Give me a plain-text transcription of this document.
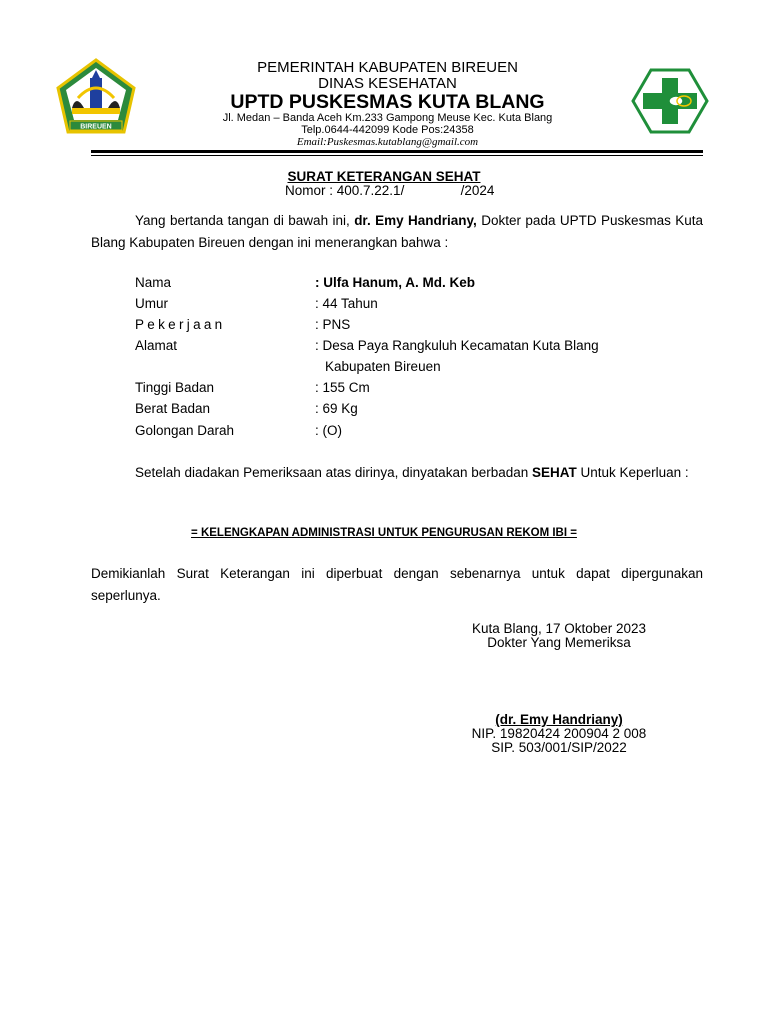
BIREUEN
PEMERINTAH KABUPATEN BIREUEN
DINAS KESEHATAN
UPTD PUSKESMAS KUTA BLANG
Jl. Medan – Banda Aceh Km.233 Gampong Meuse Kec. Kuta Blang
Telp.0644-442099 Kode Pos:24358
Email:Puskesmas.kutablang@gmail.com
SURAT KETERANGAN SEHAT
Nomor : 400.7.22.1/               /2024
Yang bertanda tangan di bawah ini, dr. Emy Handriany, Dokter pada UPTD Puskesmas Kuta Blang Kabupaten Bireuen dengan ini menerangkan bahwa :
Nama	: Ulfa Hanum, A. Md. Keb
Umur	: 44 Tahun
Pekerjaan	: PNS
Alamat	: Desa Paya Rangkuluh Kecamatan Kuta Blang
Kabupaten Bireuen
Tinggi Badan	: 155 Cm
Berat Badan	: 69 Kg
Golongan Darah	: (O)
Setelah diadakan Pemeriksaan atas dirinya, dinyatakan berbadan SEHAT Untuk Keperluan :
= KELENGKAPAN ADMINISTRASI UNTUK PENGURUSAN REKOM IBI =
Demikianlah Surat Keterangan ini diperbuat dengan sebenarnya untuk dapat dipergunakan seperlunya.
Kuta Blang, 17 Oktober 2023
Dokter Yang Memeriksa
(dr. Emy Handriany)
NIP. 19820424 200904 2 008
SIP. 503/001/SIP/2022
